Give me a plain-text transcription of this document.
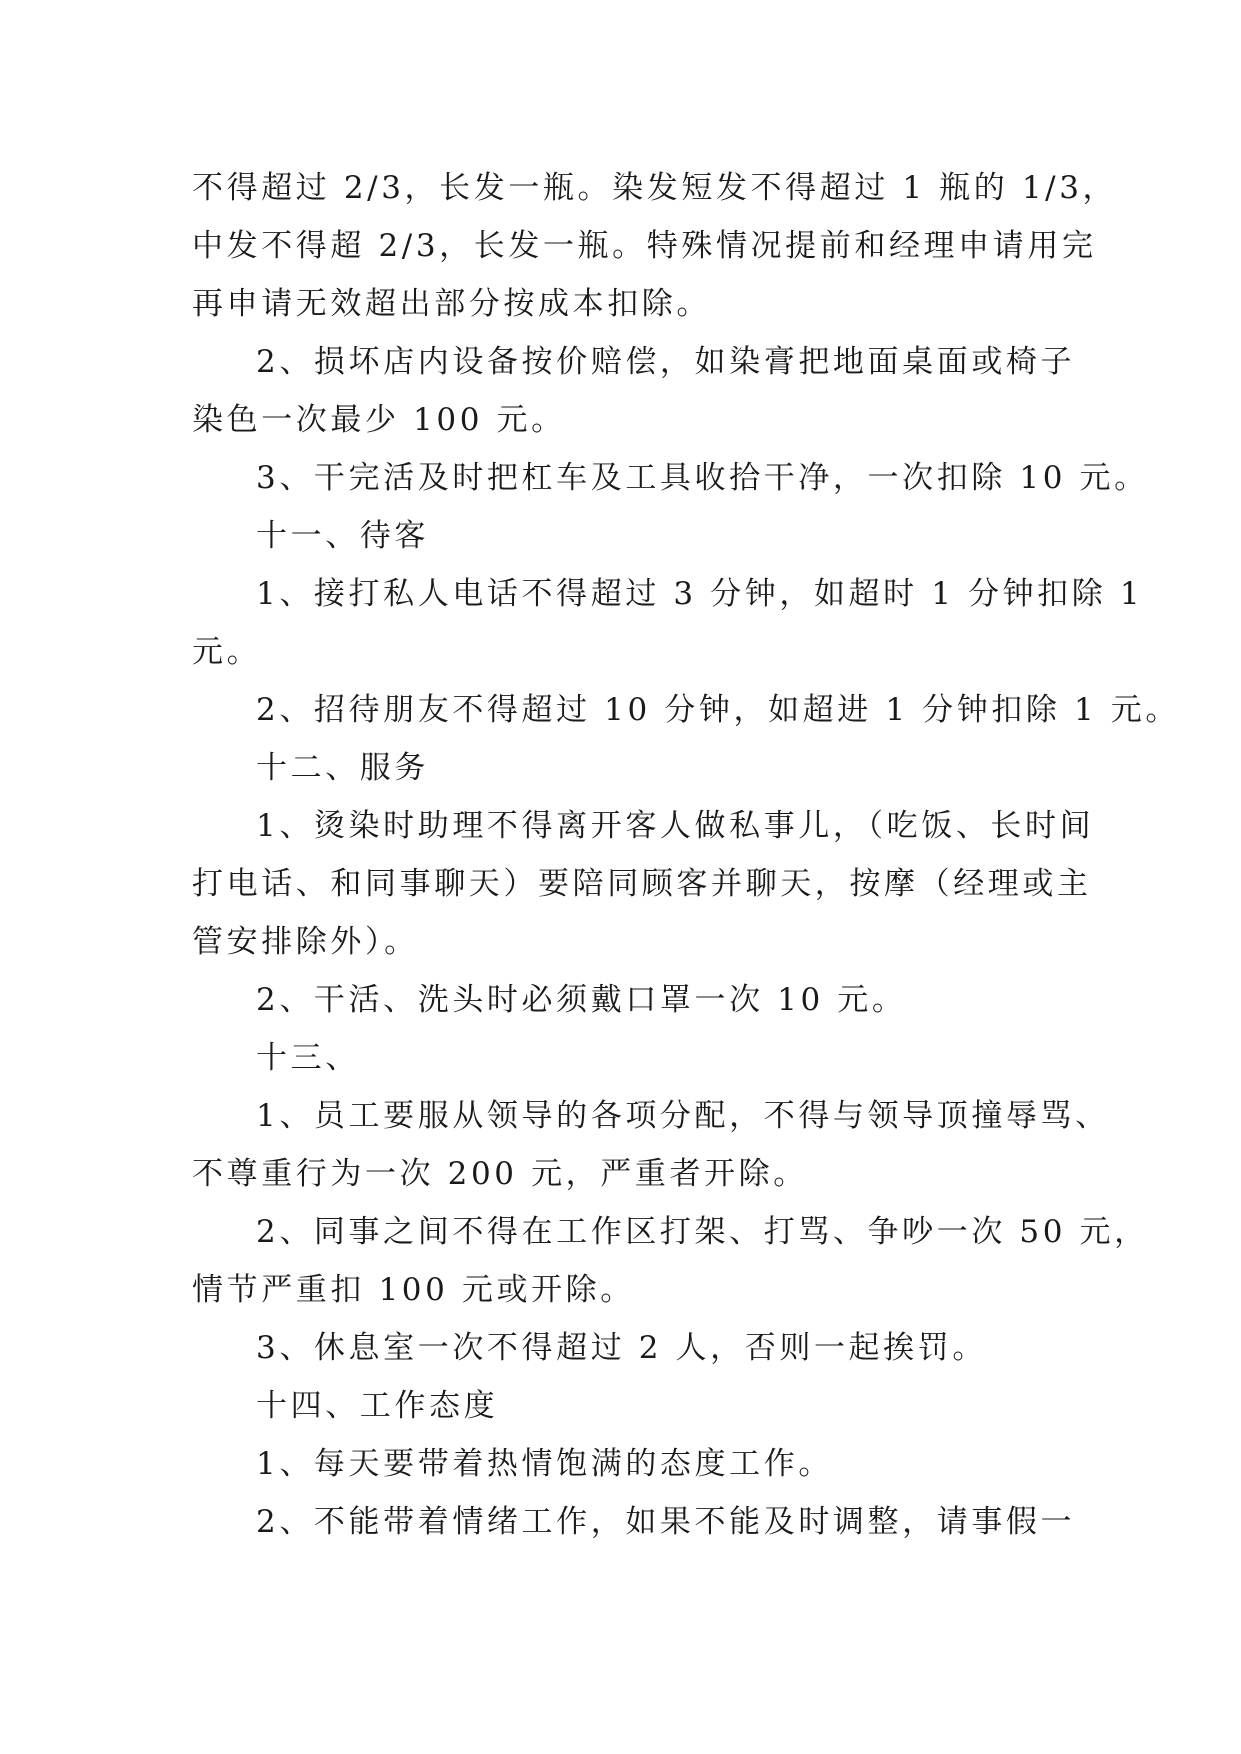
不得超过 2/3，长发一瓶。染发短发不得超过 1 瓶的 1/3，
中发不得超 2/3，长发一瓶。特殊情况提前和经理申请用完
再申请无效超出部分按成本扣除。
2、损坏店内设备按价赔偿，如染膏把地面桌面或椅子
染色一次最少 100 元。
3、干完活及时把杠车及工具收拾干净，一次扣除 10 元。
十一、待客
1、接打私人电话不得超过 3 分钟，如超时 1 分钟扣除 1
元。
2、招待朋友不得超过 10 分钟，如超进 1 分钟扣除 1 元。
十二、服务
1、烫染时助理不得离开客人做私事儿，（吃饭、长时间
打电话、和同事聊天）要陪同顾客并聊天，按摩（经理或主
管安排除外）。
2、干活、洗头时必须戴口罩一次 10 元。
十三、
1、员工要服从领导的各项分配，不得与领导顶撞辱骂、
不尊重行为一次 200 元，严重者开除。
2、同事之间不得在工作区打架、打骂、争吵一次 50 元，
情节严重扣 100 元或开除。
3、休息室一次不得超过 2 人，否则一起挨罚。
十四、工作态度
1、每天要带着热情饱满的态度工作。
2、不能带着情绪工作，如果不能及时调整，请事假一
